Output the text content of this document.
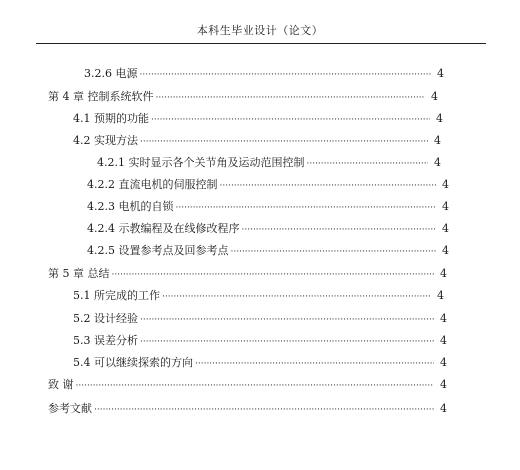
本科生毕业设计（论文）
3.2.6 电源 ·····	4
第 4 章 控制系统软件 ·····	4
4.1 预期的功能 ·····	4
4.2 实现方法 ·····	4
4.2.1 实时显示各个关节角及运动范围控制 ·····	4
4.2.2 直流电机的伺服控制 ·····	4
4.2.3 电机的自锁 ·····	4
4.2.4 示教编程及在线修改程序 ·····	4
4.2.5 设置参考点及回参考点 ·····	4
第 5 章 总结 ·····	4
5.1 所完成的工作 ·····	4
5.2 设计经验 ·····	4
5.3 误差分析 ·····	4
5.4 可以继续探索的方向 ·····	4
致 谢 ·····	4
参考文献 ·····	4
